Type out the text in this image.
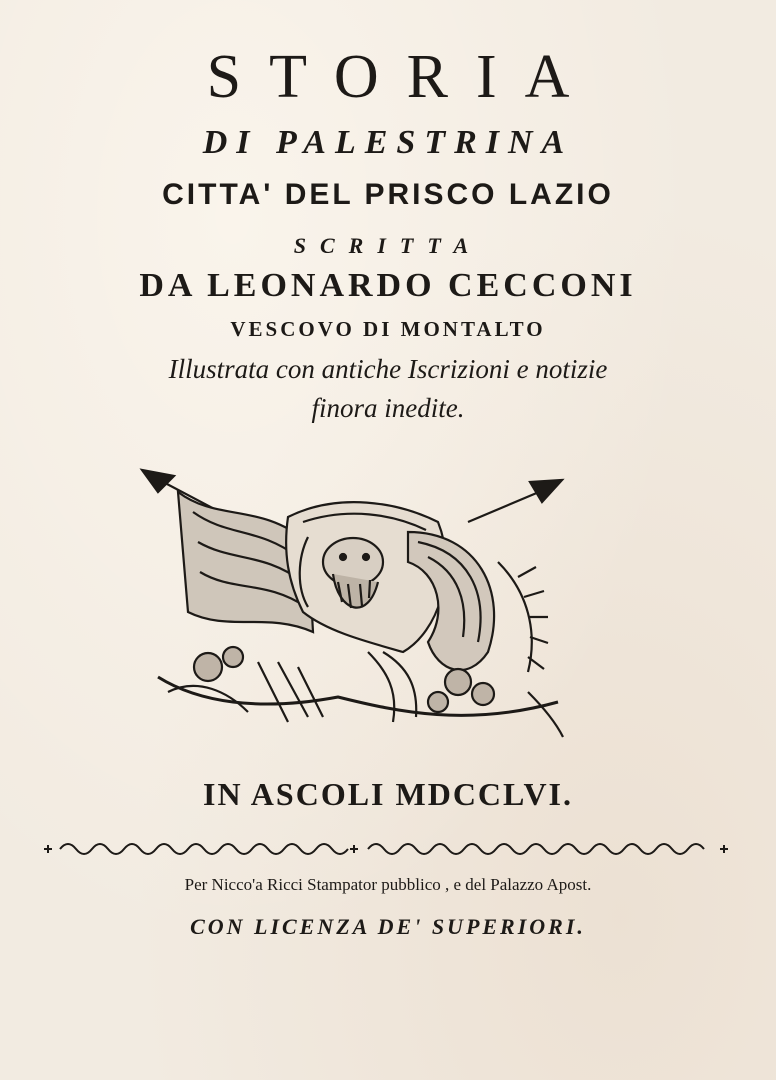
STORIA
DI PALESTRINA
CITTA' DEL PRISCO LAZIO
SCRITTA
DA LEONARDO CECCONI
VESCOVO DI MONTALTO
Illustrata con antiche Iscrizioni e notizie
finora inedite.
IN ASCOLI MDCCLVI.
Per Nicco'a Ricci Stampator pubblico , e del Palazzo Apost.
CON LICENZA DE' SUPERIORI.
